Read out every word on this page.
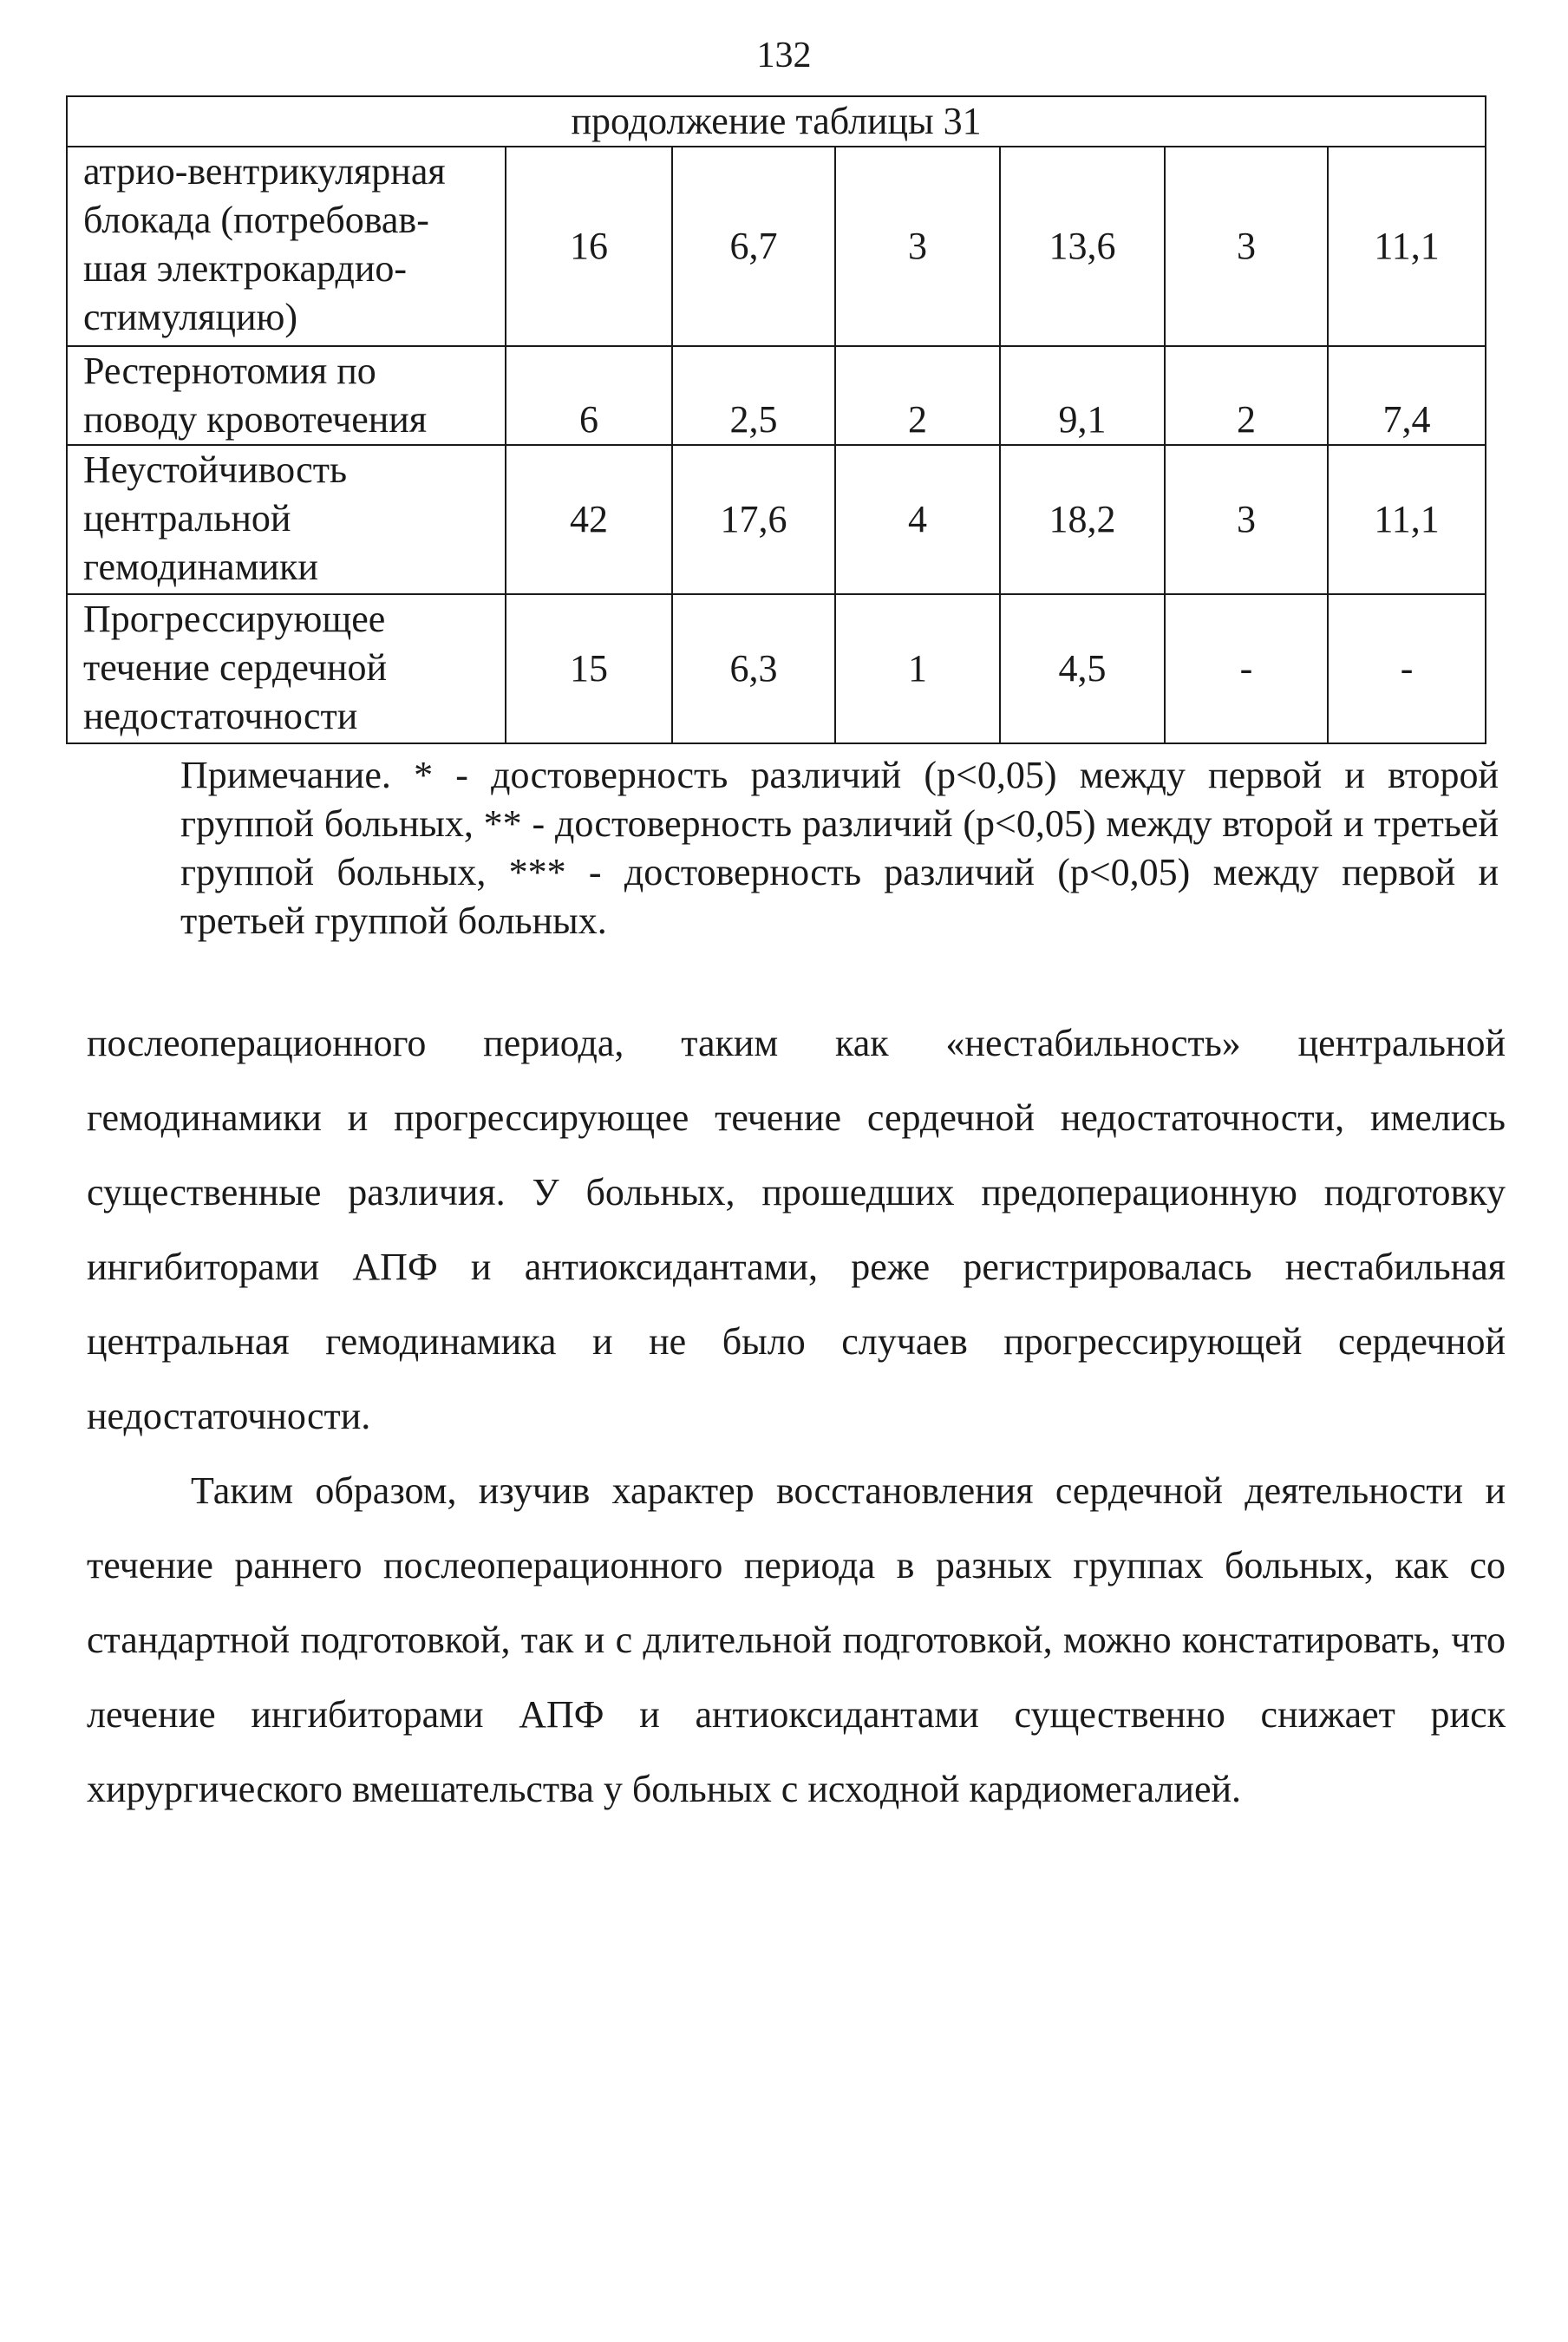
132
продолжение таблицы 31						
атрио-вентрикулярная
блокада (потребовав-
шая электрокардио-
стимуляцию)	16	6,7	3	13,6	3	11,1
Рестернотомия по
поводу кровотечения	6	2,5	2	9,1	2	7,4
Неустойчивость
центральной
гемодинамики	42	17,6	4	18,2	3	11,1
Прогрессирующее
течение сердечной
недостаточности	15	6,3	1	4,5	-	-

Примечание. * - достоверность различий (р<0,05) между первой и второй группой больных, ** - достоверность различий (р<0,05) между второй и третьей группой больных, *** - достоверность различий (р<0,05) между первой и третьей группой больных.

послеоперационного периода, таким как «нестабильность» центральной гемодинамики и прогрессирующее течение сердечной недостаточности, имелись существенные различия. У больных, прошедших предоперационную подготовку ингибиторами АПФ и антиоксидантами, реже регистрировалась нестабильная центральная гемодинамика и не было случаев прогрессирующей сердечной недостаточности.

Таким образом, изучив характер восстановления сердечной деятельности и течение раннего послеоперационного периода в разных группах больных, как со стандартной подготовкой, так и с длительной подготовкой, можно констатировать, что лечение ингибиторами АПФ и антиоксидантами существенно снижает риск хирургического вмешательства у больных с исходной кардиомегалией.
